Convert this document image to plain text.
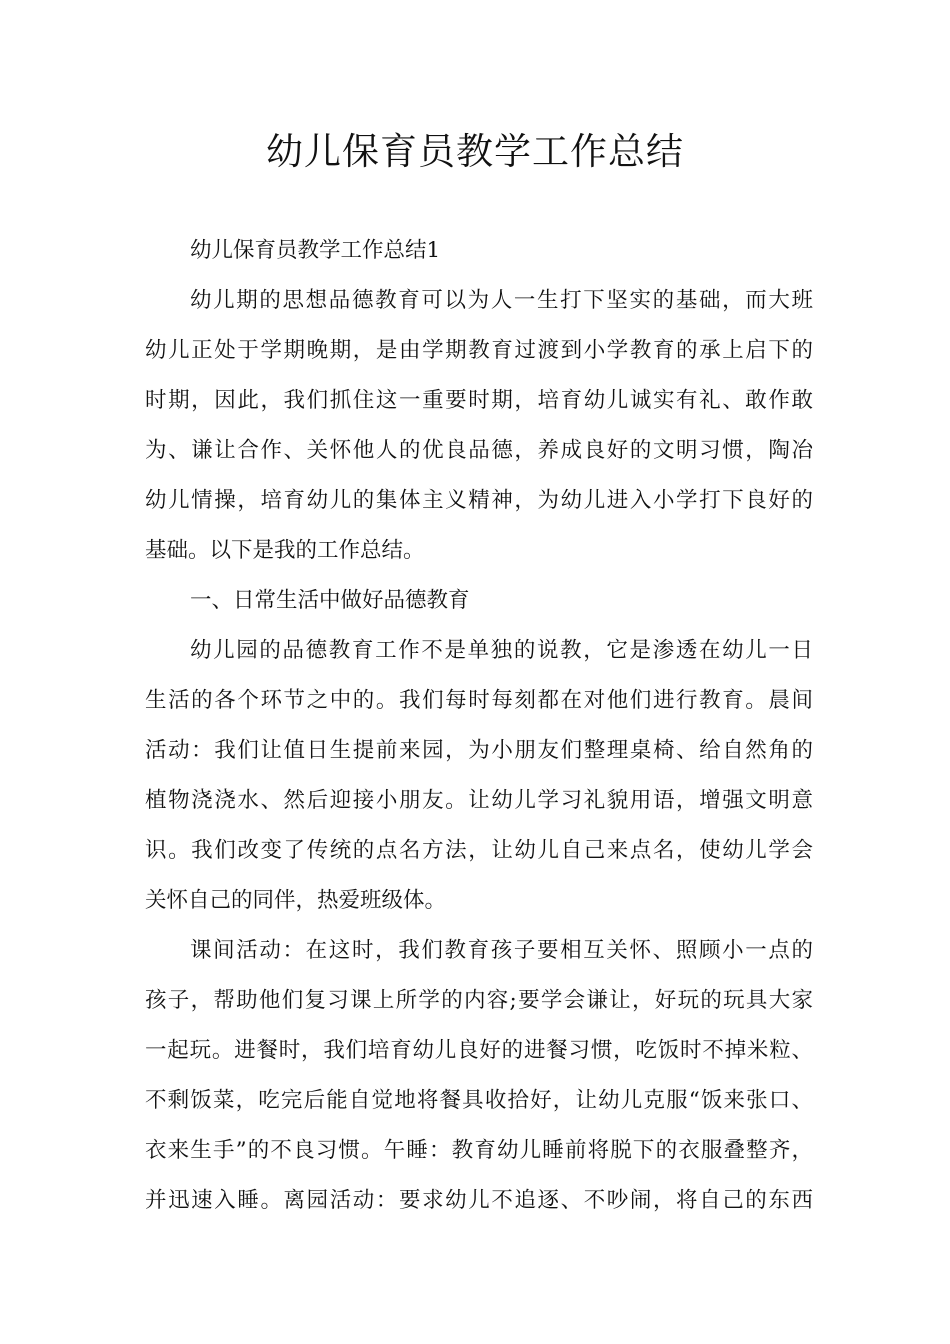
幼儿保育员教学工作总结
幼儿保育员教学工作总结1
幼儿期的思想品德教育可以为人一生打下坚实的基础，而大班
幼儿正处于学期晚期，是由学期教育过渡到小学教育的承上启下的
时期，因此，我们抓住这一重要时期，培育幼儿诚实有礼、敢作敢
为、谦让合作、关怀他人的优良品德，养成良好的文明习惯，陶冶
幼儿情操，培育幼儿的集体主义精神，为幼儿进入小学打下良好的
基础。以下是我的工作总结。
一、日常生活中做好品德教育
幼儿园的品德教育工作不是单独的说教，它是渗透在幼儿一日
生活的各个环节之中的。我们每时每刻都在对他们进行教育。晨间
活动：我们让值日生提前来园，为小朋友们整理桌椅、给自然角的
植物浇浇水、然后迎接小朋友。让幼儿学习礼貌用语，增强文明意
识。我们改变了传统的点名方法，让幼儿自己来点名，使幼儿学会
关怀自己的同伴，热爱班级体。
课间活动：在这时，我们教育孩子要相互关怀、照顾小一点的
孩子，帮助他们复习课上所学的内容;要学会谦让，好玩的玩具大家
一起玩。进餐时，我们培育幼儿良好的进餐习惯，吃饭时不掉米粒、
不剩饭菜，吃完后能自觉地将餐具收拾好，让幼儿克服“饭来张口、
衣来生手”的不良习惯。午睡：教育幼儿睡前将脱下的衣服叠整齐，
并迅速入睡。离园活动：要求幼儿不追逐、不吵闹，将自己的东西
